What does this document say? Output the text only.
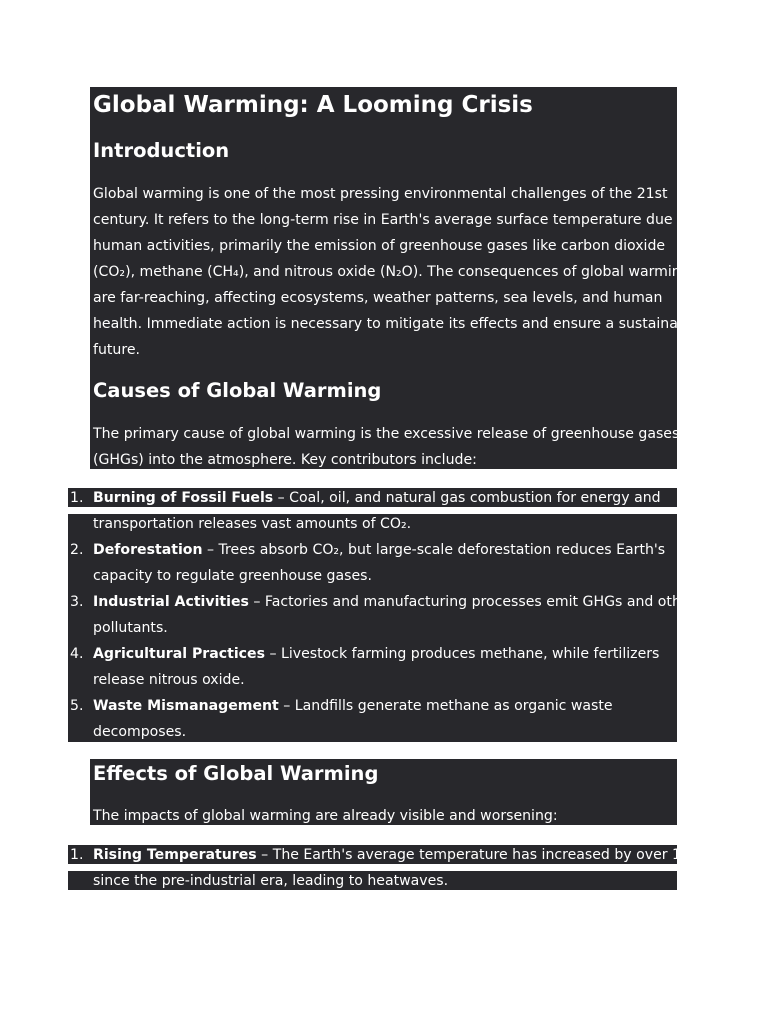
Global Warming: A Looming Crisis
Introduction
Global warming is one of the most pressing environmental challenges of the 21st
century. It refers to the long-term rise in Earth's average surface temperature due to
human activities, primarily the emission of greenhouse gases like carbon dioxide
(CO₂), methane (CH₄), and nitrous oxide (N₂O). The consequences of global warming
are far-reaching, affecting ecosystems, weather patterns, sea levels, and human
health. Immediate action is necessary to mitigate its effects and ensure a sustainable
future.
Causes of Global Warming
The primary cause of global warming is the excessive release of greenhouse gases
(GHGs) into the atmosphere. Key contributors include:
1. Burning of Fossil Fuels – Coal, oil, and natural gas combustion for energy and
transportation releases vast amounts of CO₂.
2. Deforestation – Trees absorb CO₂, but large-scale deforestation reduces Earth's
capacity to regulate greenhouse gases.
3. Industrial Activities – Factories and manufacturing processes emit GHGs and other
pollutants.
4. Agricultural Practices – Livestock farming produces methane, while fertilizers
release nitrous oxide.
5. Waste Mismanagement – Landfills generate methane as organic waste
decomposes.
Effects of Global Warming
The impacts of global warming are already visible and worsening:
1. Rising Temperatures – The Earth's average temperature has increased by over 1°C
since the pre-industrial era, leading to heatwaves.
